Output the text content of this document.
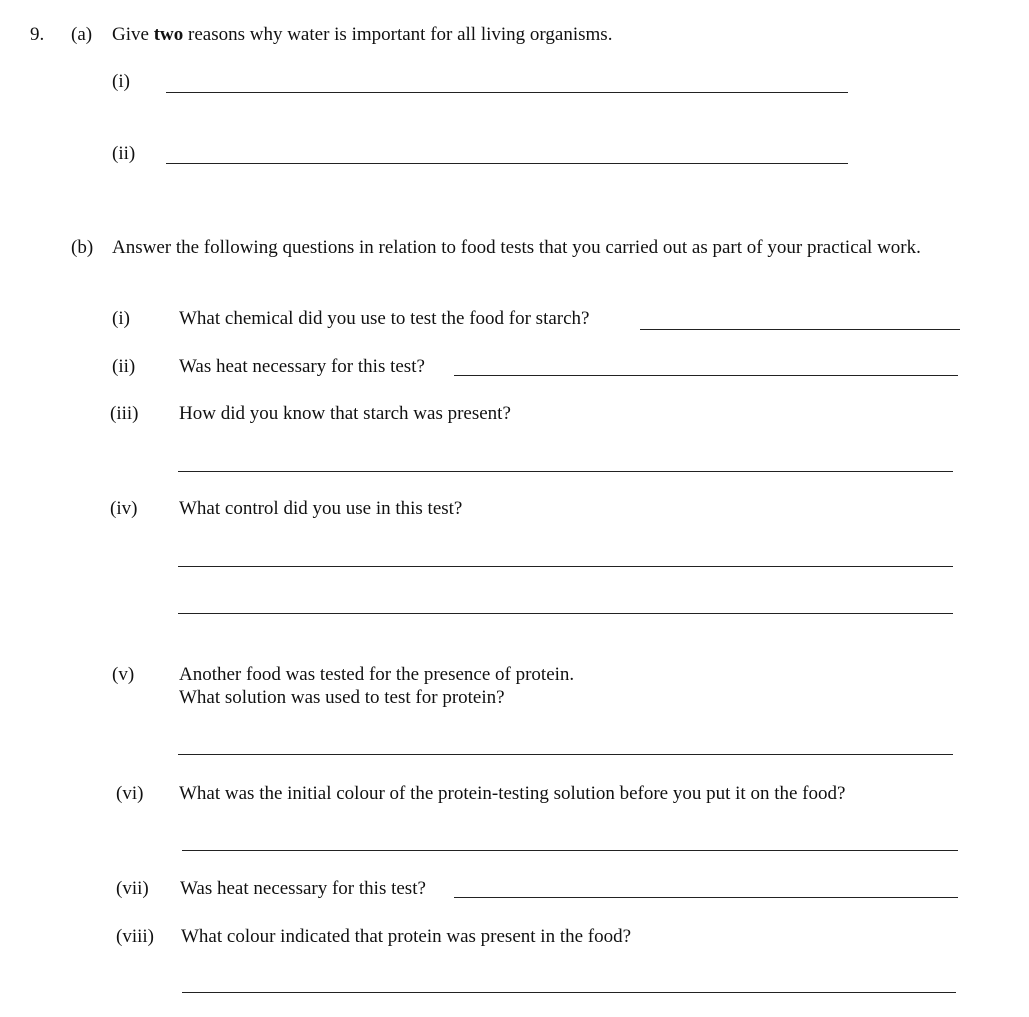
9. (a) Give two reasons why water is important for all living organisms.
(i)
(ii)
(b) Answer the following questions in relation to food tests that you carried out as part of your practical work.
(i)	What chemical did you use to test the food for starch?
(ii) Was heat necessary for this test?
(iii) How did you know that starch was present?
(iv) What control did you use in this test?
(v) Another food was tested for the presence of protein.
What solution was used to test for protein?
(vi) What was the initial colour of the protein-testing solution before you put it on the food?
(vii) Was heat necessary for this test?
(viii) What colour indicated that protein was present in the food?
